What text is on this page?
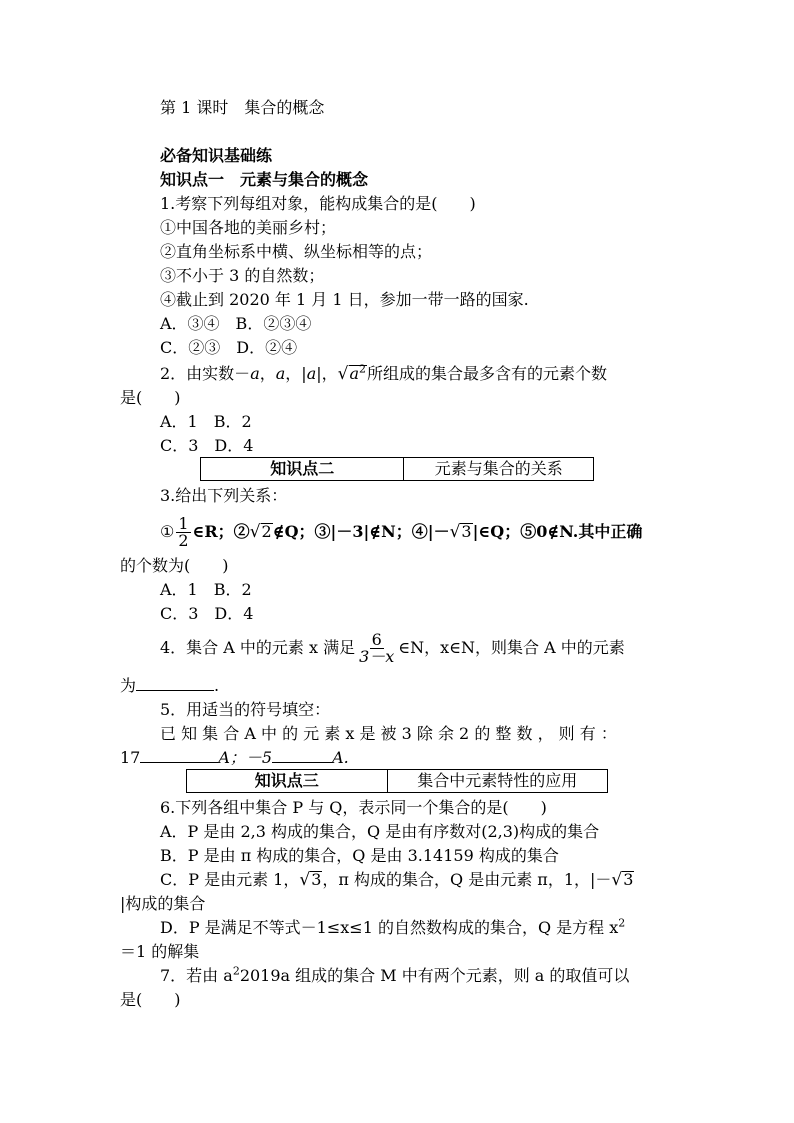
第 1 课时　集合的概念
必备知识基础练
知识点一　元素与集合的概念
1.考察下列每组对象，能构成集合的是(　　)
①中国各地的美丽乡村；
②直角坐标系中横、纵坐标相等的点；
③不小于 3 的自然数；
④截止到 2020 年 1 月 1 日，参加一带一路的国家.
A．③④　B．②③④
C．②③　D．②④
2．由实数－a，a，|a|，$√a^2$所组成的集合最多含有的元素个数
是(　　)
A．1　B．2
C．3　D．4
知识点二	元素与集合的关系
3.给出下列关系：
① $\frac{1}{2}$ ∈R；②√2∉Q；③|－3|∉N；④|－√3|∈Q；⑤0∉N.其中正确
的个数为(　　)
A．1　B．2
C．3　D．4
4．集合 A 中的元素 x 满足 $\frac{6}{3-x}$ ∈N，x∈N，则集合 A 中的元素
为	.
5．用适当的符号填空：
已 知 集 合 A 中 的 元 素 x 是 被 3 除 余 2 的 整 数 ， 则 有 ：
17	A；－5	A.
知识点三	集合中元素特性的应用
6.下列各组中集合 P 与 Q，表示同一个集合的是(　　)
A．P 是由 2,3 构成的集合，Q 是由有序数对(2,3)构成的集合
B．P 是由 π 构成的集合，Q 是由 3.14159 构成的集合
C．P 是由元素 1，√3，π 构成的集合，Q 是由元素 π，1，|－√3
|构成的集合
D．P 是满足不等式－1≤x≤1 的自然数构成的集合，Q 是方程 $x^2$
＝1 的解集
7．若由 $a^22019a$ 组成的集合 M 中有两个元素，则 a 的取值可以
是(　　)
